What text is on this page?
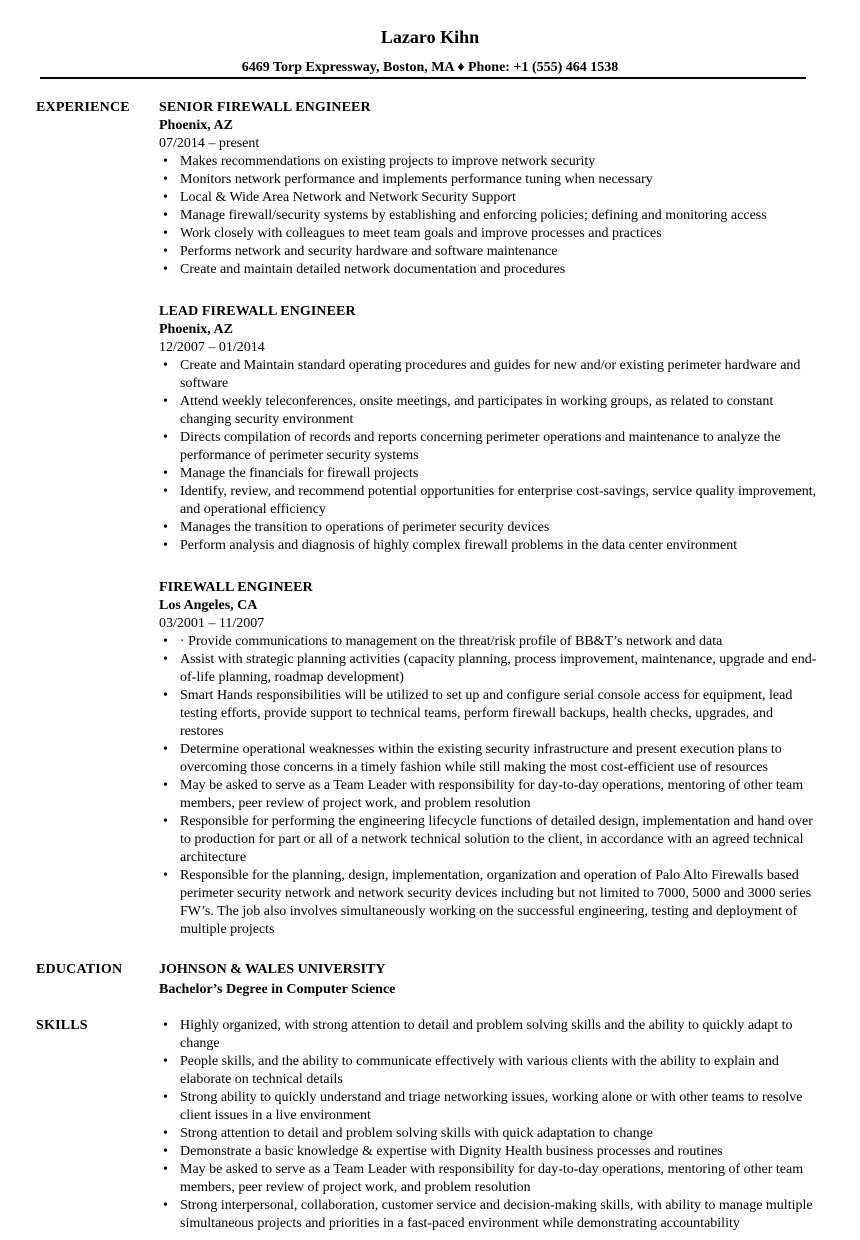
Lazaro Kihn
6469 Torp Expressway, Boston, MA ♦ Phone: +1 (555) 464 1538
EXPERIENCE SENIOR FIREWALL ENGINEER
Phoenix, AZ
07/2014 – present
• Makes recommendations on existing projects to improve network security
• Monitors network performance and implements performance tuning when necessary
• Local & Wide Area Network and Network Security Support
• Manage firewall/security systems by establishing and enforcing policies; defining and monitoring access
• Work closely with colleagues to meet team goals and improve processes and practices
• Performs network and security hardware and software maintenance
• Create and maintain detailed network documentation and procedures
LEAD FIREWALL ENGINEER
Phoenix, AZ
12/2007 – 01/2014
• Create and Maintain standard operating procedures and guides for new and/or existing perimeter hardware and software
• Attend weekly teleconferences, onsite meetings, and participates in working groups, as related to constant changing security environment
• Directs compilation of records and reports concerning perimeter operations and maintenance to analyze the performance of perimeter security systems
• Manage the financials for firewall projects
• Identify, review, and recommend potential opportunities for enterprise cost-savings, service quality improvement, and operational efficiency
• Manages the transition to operations of perimeter security devices
• Perform analysis and diagnosis of highly complex firewall problems in the data center environment
FIREWALL ENGINEER
Los Angeles, CA
03/2001 – 11/2007
• · Provide communications to management on the threat/risk profile of BB&T’s network and data
• Assist with strategic planning activities (capacity planning, process improvement, maintenance, upgrade and end-of-life planning, roadmap development)
• Smart Hands responsibilities will be utilized to set up and configure serial console access for equipment, lead testing efforts, provide support to technical teams, perform firewall backups, health checks, upgrades, and restores
• Determine operational weaknesses within the existing security infrastructure and present execution plans to overcoming those concerns in a timely fashion while still making the most cost-efficient use of resources
• May be asked to serve as a Team Leader with responsibility for day-to-day operations, mentoring of other team members, peer review of project work, and problem resolution
• Responsible for performing the engineering lifecycle functions of detailed design, implementation and hand over to production for part or all of a network technical solution to the client, in accordance with an agreed technical architecture
• Responsible for the planning, design, implementation, organization and operation of Palo Alto Firewalls based perimeter security network and network security devices including but not limited to 7000, 5000 and 3000 series FW’s. The job also involves simultaneously working on the successful engineering, testing and deployment of multiple projects
EDUCATION	JOHNSON & WALES UNIVERSITY
Bachelor’s Degree in Computer Science
SKILLS
•	Highly organized, with strong attention to detail and problem solving skills and the ability to quickly adapt to change
• People skills, and the ability to communicate effectively with various clients with the ability to explain and elaborate on technical details
• Strong ability to quickly understand and triage networking issues, working alone or with other teams to resolve client issues in a live environment
• Strong attention to detail and problem solving skills with quick adaptation to change
• Demonstrate a basic knowledge & expertise with Dignity Health business processes and routines
• May be asked to serve as a Team Leader with responsibility for day-to-day operations, mentoring of other team members, peer review of project work, and problem resolution
• Strong interpersonal, collaboration, customer service and decision-making skills, with ability to manage multiple simultaneous projects and priorities in a fast-paced environment while demonstrating accountability
